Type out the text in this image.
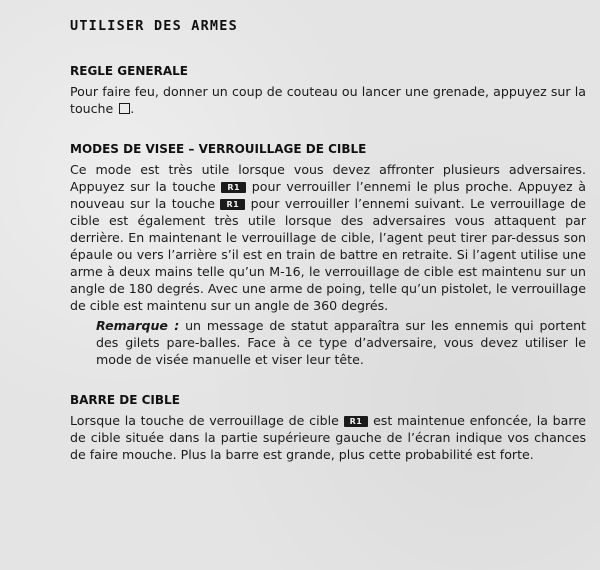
UTILISER DES ARMES
REGLE GENERALE

Pour faire feu, donner un coup de couteau ou lancer une grenade, appuyez sur la touche .

MODES DE VISEE – VERROUILLAGE DE CIBLE

Ce mode est très utile lorsque vous devez affronter plusieurs adversaires. Appuyez sur la touche R1 pour verrouiller l’ennemi le plus proche. Appuyez à nouveau sur la touche R1 pour verrouiller l’ennemi suivant. Le verrouillage de cible est également très utile lorsque des adversaires vous attaquent par derrière. En maintenant le verrouillage de cible, l’agent peut tirer par-dessus son épaule ou vers l’arrière s’il est en train de battre en retraite. Si l’agent utilise une arme à deux mains telle qu’un M-16, le verrouillage de cible est maintenu sur un angle de 180 degrés. Avec une arme de poing, telle qu’un pistolet, le verrouillage de cible est maintenu sur un angle de 360 degrés.

Remarque : un message de statut apparaîtra sur les ennemis qui portent des gilets pare-balles. Face à ce type d’adversaire, vous devez utiliser le mode de visée manuelle et viser leur tête.

BARRE DE CIBLE

Lorsque la touche de verrouillage de cible R1 est maintenue enfoncée, la barre de cible située dans la partie supérieure gauche de l’écran indique vos chances de faire mouche. Plus la barre est grande, plus cette probabilité est forte.
